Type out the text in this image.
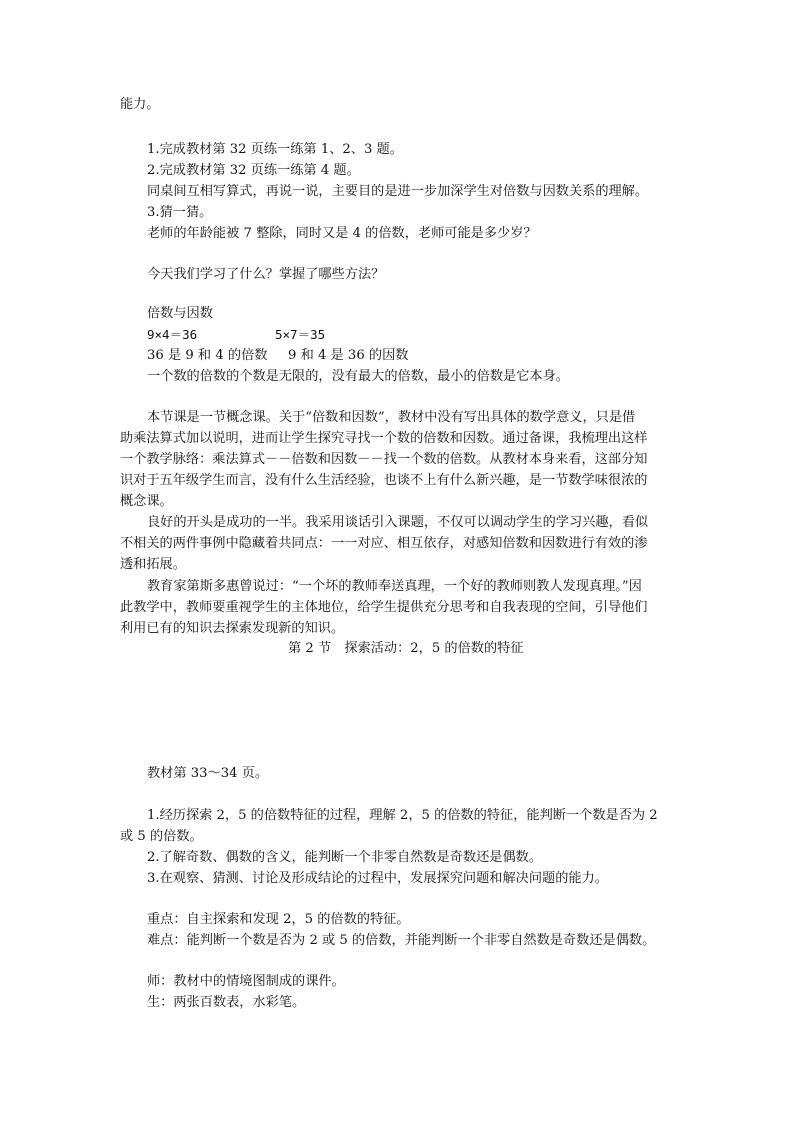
能力。
1.完成教材第 32 页练一练第 1、2、3 题。
2.完成教材第 32 页练一练第 4 题。
同桌间互相写算式，再说一说，主要目的是进一步加深学生对倍数与因数关系的理解。
3.猜一猜。
老师的年龄能被 7 整除，同时又是 4 的倍数，老师可能是多少岁？
今天我们学习了什么？掌握了哪些方法？
倍数与因数
9×4＝36	5×7＝35
36 是 9 和 4 的倍数 9 和 4 是 36 的因数
一个数的倍数的个数是无限的，没有最大的倍数，最小的倍数是它本身。
本节课是一节概念课。关于“倍数和因数”，教材中没有写出具体的数学意义，只是借
助乘法算式加以说明，进而让学生探究寻找一个数的倍数和因数。通过备课，我梳理出这样
一个教学脉络：乘法算式－－倍数和因数－－找一个数的倍数。从教材本身来看，这部分知
识对于五年级学生而言，没有什么生活经验，也谈不上有什么新兴趣，是一节数学味很浓的
概念课。
良好的开头是成功的一半。我采用谈话引入课题，不仅可以调动学生的学习兴趣，看似
不相关的两件事例中隐藏着共同点：一一对应、相互依存，对感知倍数和因数进行有效的渗
透和拓展。
教育家第斯多惠曾说过：“一个坏的教师奉送真理，一个好的教师则教人发现真理。”因
此教学中，教师要重视学生的主体地位，给学生提供充分思考和自我表现的空间，引导他们
利用已有的知识去探索发现新的知识。
第 2 节　探索活动：2，5 的倍数的特征
教材第 33～34 页。
1.经历探索 2，5 的倍数特征的过程，理解 2，5 的倍数的特征，能判断一个数是否为 2
或 5 的倍数。
2.了解奇数、偶数的含义，能判断一个非零自然数是奇数还是偶数。
3.在观察、猜测、讨论及形成结论的过程中，发展探究问题和解决问题的能力。
重点：自主探索和发现 2，5 的倍数的特征。
难点：能判断一个数是否为 2 或 5 的倍数，并能判断一个非零自然数是奇数还是偶数。
师：教材中的情境图制成的课件。
生：两张百数表，水彩笔。
